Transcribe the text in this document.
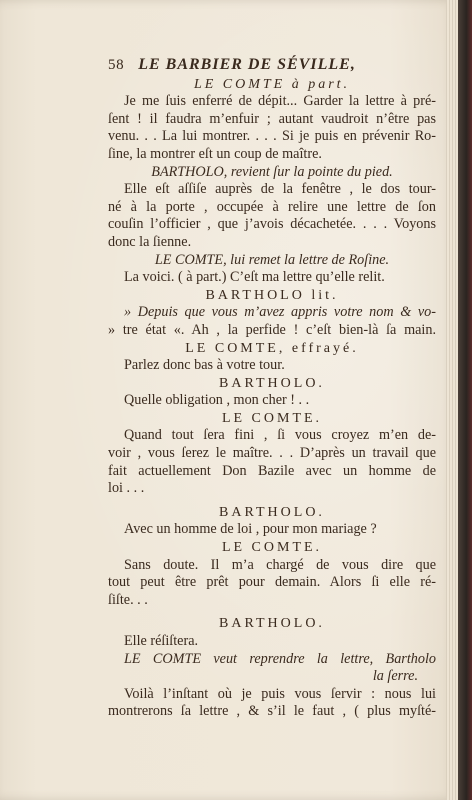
58 LE BARBIER DE SÉVILLE,
LE COMTE à part.
Je me ſuis enferré de dépit... Garder la lettre à pré-
ſent ! il faudra m’enfuir ; autant vaudroit n’être pas
venu. . . La lui montrer. . . . Si je puis en prévenir Ro-
ſine, la montrer eſt un coup de maître.
BARTHOLO, revient ſur la pointe du pied.
Elle eſt aſſiſe auprès de la fenêtre , le dos tour-
né à la porte , occupée à relire une lettre de ſon
couſin l’officier , que j’avois décachetée. . . . Voyons
donc la ſienne.
LE COMTE, lui remet la lettre de Roſine.
La voici. ( à part.) C’eſt ma lettre qu’elle relit.
BARTHOLO lit.
» Depuis que vous m’avez appris votre nom & vo-
» tre état «. Ah , la perfide ! c’eſt bien-là ſa main.
LE COMTE, effrayé.
Parlez donc bas à votre tour.
BARTHOLO.
Quelle obligation , mon cher ! . .
LE COMTE.
Quand tout ſera fini , ſi vous croyez m’en de-
voir , vous ſerez le maître. . . D’après un travail que
fait actuellement Don Bazile avec un homme de
loi . . .
BARTHOLO.
Avec un homme de loi , pour mon mariage ?
LE COMTE.
Sans doute. Il m’a chargé de vous dire que
tout peut être prêt pour demain. Alors ſi elle ré-
ſiſte. . .
BARTHOLO.
Elle réſiſtera.
LE COMTE veut reprendre la lettre, Bartholo
la ſerre.
Voilà l’inſtant où je puis vous ſervir : nous lui
montrerons ſa lettre , & s’il le faut , ( plus myſté-
